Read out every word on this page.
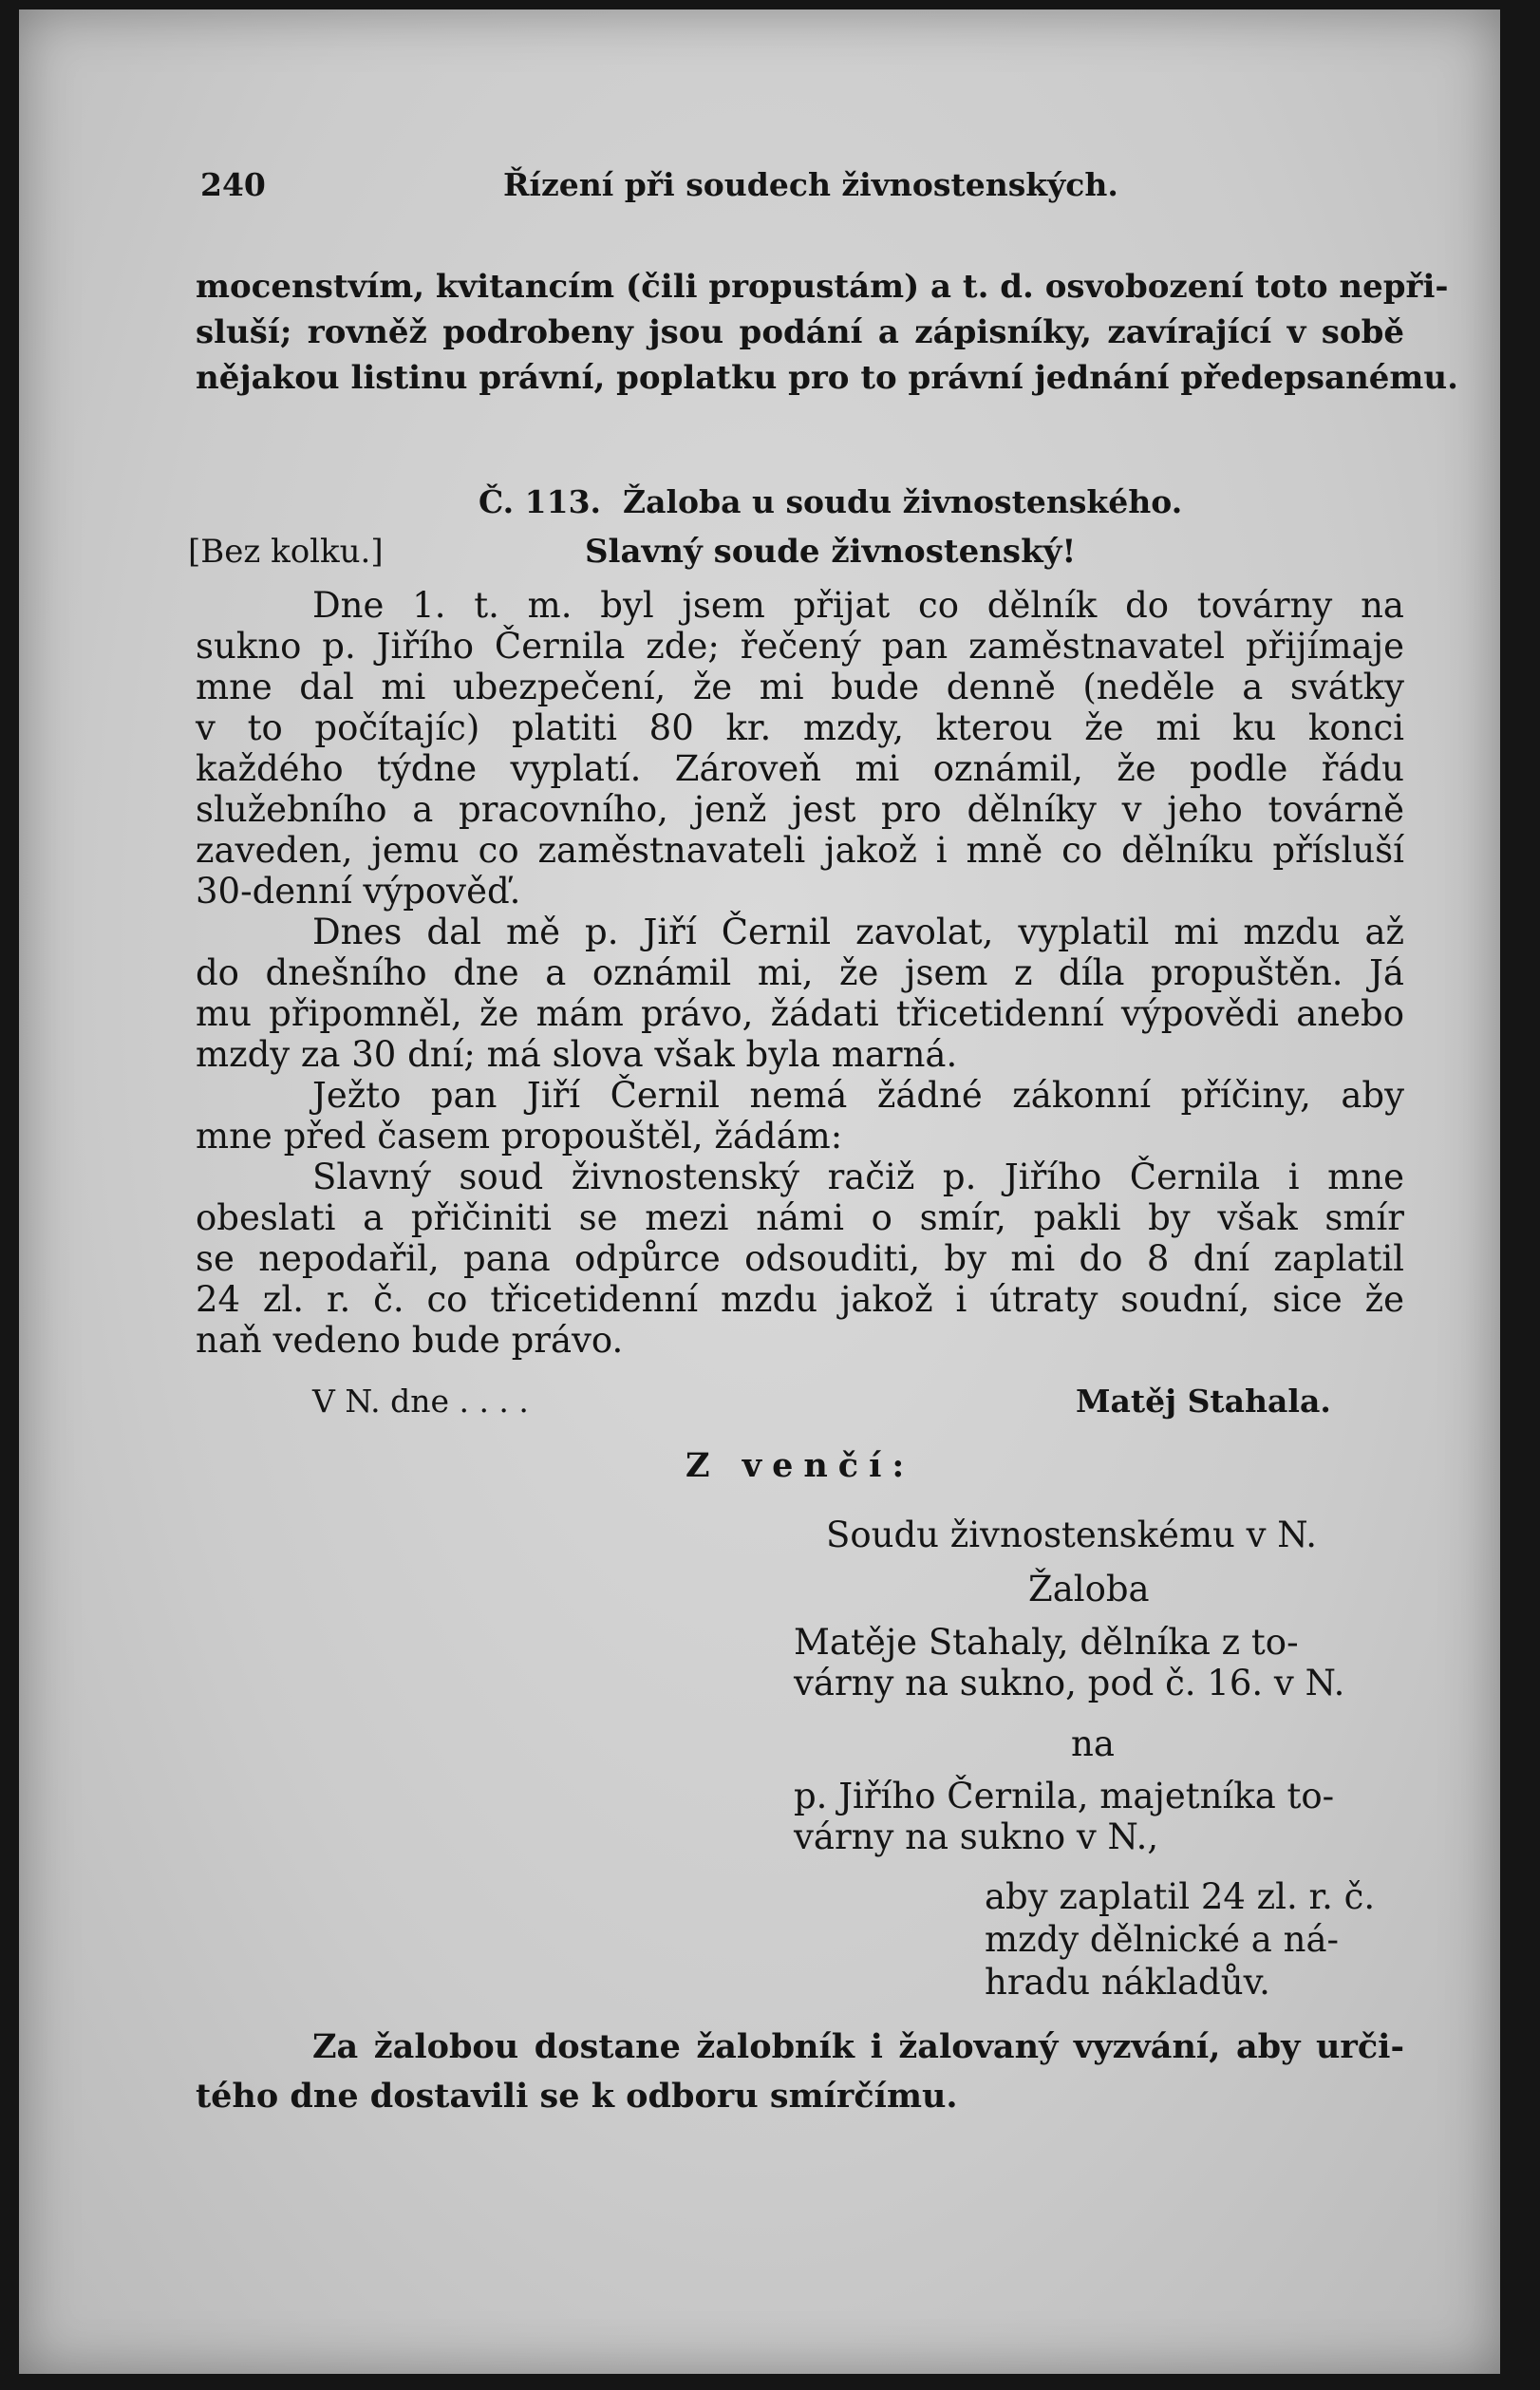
240	Řízení při soudech živnostenských.
mocenstvím, kvitancím (čili propustám) a t. d. osvobození toto nepři-
sluší; rovněž podrobeny jsou podání a zápisníky, zavírající v sobě
nějakou listinu právní, poplatku pro to právní jednání předepsanému.
Č. 113. Žaloba u soudu živnostenského.
[Bez kolku.]	Slavný soude živnostenský!
Dne 1. t. m. byl jsem přijat co dělník do továrny na
sukno p. Jiřího Černila zde; řečený pan zaměstnavatel přijímaje
mne dal mi ubezpečení, že mi bude denně (neděle a svátky
v to počítajíc) platiti 80 kr. mzdy, kterou že mi ku konci
každého týdne vyplatí. Zároveň mi oznámil, že podle řádu
služebního a pracovního, jenž jest pro dělníky v jeho továrně
zaveden, jemu co zaměstnavateli jakož i mně co dělníku přísluší
30-denní výpověď.
Dnes dal mě p. Jiří Černil zavolat, vyplatil mi mzdu až
do dnešního dne a oznámil mi, že jsem z díla propuštěn. Já
mu připomněl, že mám právo, žádati třicetidenní výpovědi anebo
mzdy za 30 dní; má slova však byla marná.
Ježto pan Jiří Černil nemá žádné zákonní příčiny, aby
mne před časem propouštěl, žádám:
Slavný soud živnostenský račiž p. Jiřího Černila i mne
obeslati a přičiniti se mezi námi o smír, pakli by však smír
se nepodařil, pana odpůrce odsouditi, by mi do 8 dní zaplatil
24 zl. r. č. co třicetidenní mzdu jakož i útraty soudní, sice že
naň vedeno bude právo.
V N. dne . . . .	Matěj Stahala.
Z venčí:
Soudu živnostenskému v N.
Žaloba
Matěje Stahaly, dělníka z to-
várny na sukno, pod č. 16. v N.
na
p. Jiřího Černila, majetníka to-
várny na sukno v N.,
aby zaplatil 24 zl. r. č.
mzdy dělnické a ná-
hradu nákladův.
Za žalobou dostane žalobník i žalovaný vyzvání, aby urči-
tého dne dostavili se k odboru smírčímu.
